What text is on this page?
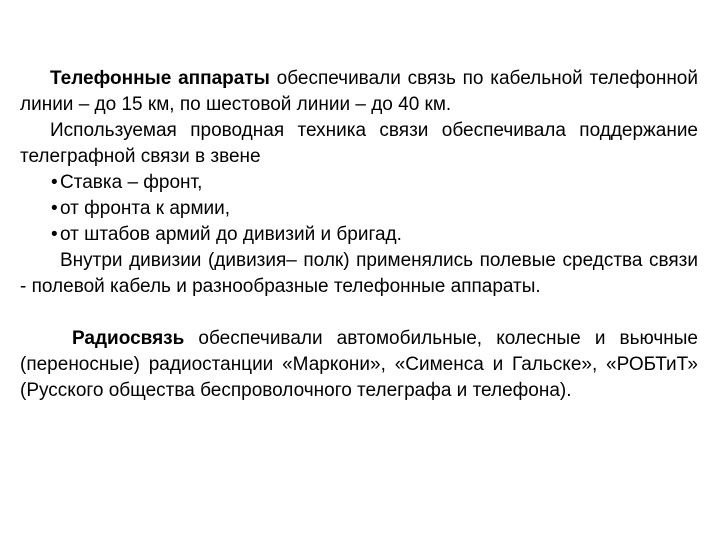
Телефонные аппараты обеспечивали связь по кабельной телефонной линии – до 15 км, по шестовой линии – до 40 км.

Используемая проводная техника связи обеспечивала поддержание телеграфной связи в звене

• Ставка – фронт,

• от фронта к армии,

• от штабов армий до дивизий и бригад.

Внутри дивизии (дивизия– полк) применялись полевые средства связи - полевой кабель и разнообразные телефонные аппараты.

Радиосвязь обеспечивали автомобильные, колесные и вьючные (переносные) радиостанции «Маркони», «Сименса и Гальске», «РОБТиТ» (Русского общества беспроволочного телеграфа и телефона).
